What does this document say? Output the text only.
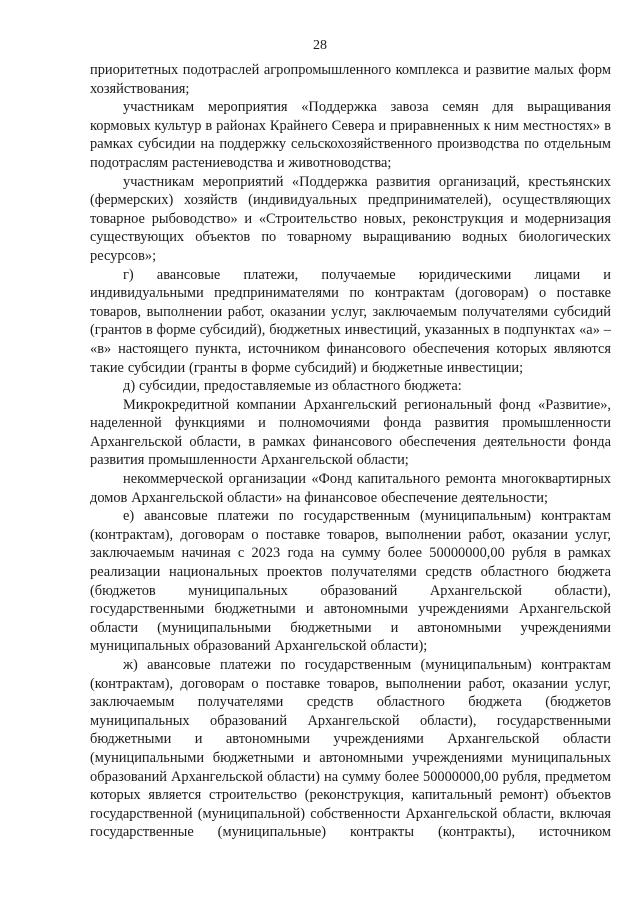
28

приоритетных подотраслей агропромышленного комплекса и развитие малых форм хозяйствования;

участникам мероприятия «Поддержка завоза семян для выращивания кормовых культур в районах Крайнего Севера и приравненных к ним местностях» в рамках субсидии на поддержку сельскохозяйственного производства по отдельным подотраслям растениеводства и животноводства;

участникам мероприятий «Поддержка развития организаций, крестьянских (фермерских) хозяйств (индивидуальных предпринимателей), осуществляющих товарное рыбоводство» и «Строительство новых, реконструкция и модернизация существующих объектов по товарному выращиванию водных биологических ресурсов»;

г) авансовые платежи, получаемые юридическими лицами и индивидуальными предпринимателями по контрактам (договорам) о поставке товаров, выполнении работ, оказании услуг, заключаемым получателями субсидий (грантов в форме субсидий), бюджетных инвестиций, указанных в подпунктах «а» – «в» настоящего пункта, источником финансового обеспечения которых являются такие субсидии (гранты в форме субсидий) и бюджетные инвестиции;

д) субсидии, предоставляемые из областного бюджета:

Микрокредитной компании Архангельский региональный фонд «Развитие», наделенной функциями и полномочиями фонда развития промышленности Архангельской области, в рамках финансового обеспечения деятельности фонда развития промышленности Архангельской области;

некоммерческой организации «Фонд капитального ремонта многоквартирных домов Архангельской области» на финансовое обеспечение деятельности;

е) авансовые платежи по государственным (муниципальным) контрактам (контрактам), договорам о поставке товаров, выполнении работ, оказании услуг, заключаемым начиная с 2023 года на сумму более 50000000,00 рубля в рамках реализации национальных проектов получателями средств областного бюджета (бюджетов муниципальных образований Архангельской области), государственными бюджетными и автономными учреждениями Архангельской области (муниципальными бюджетными и автономными учреждениями муниципальных образований Архангельской области);

ж) авансовые платежи по государственным (муниципальным) контрактам (контрактам), договорам о поставке товаров, выполнении работ, оказании услуг, заключаемым получателями средств областного бюджета (бюджетов муниципальных образований Архангельской области), государственными бюджетными и автономными учреждениями Архангельской области (муниципальными бюджетными и автономными учреждениями муниципальных образований Архангельской области) на сумму более 50000000,00 рубля, предметом которых является строительство (реконструкция, капитальный ремонт) объектов государственной (муниципальной) собственности Архангельской области, включая государственные (муниципальные) контракты (контракты), источником
